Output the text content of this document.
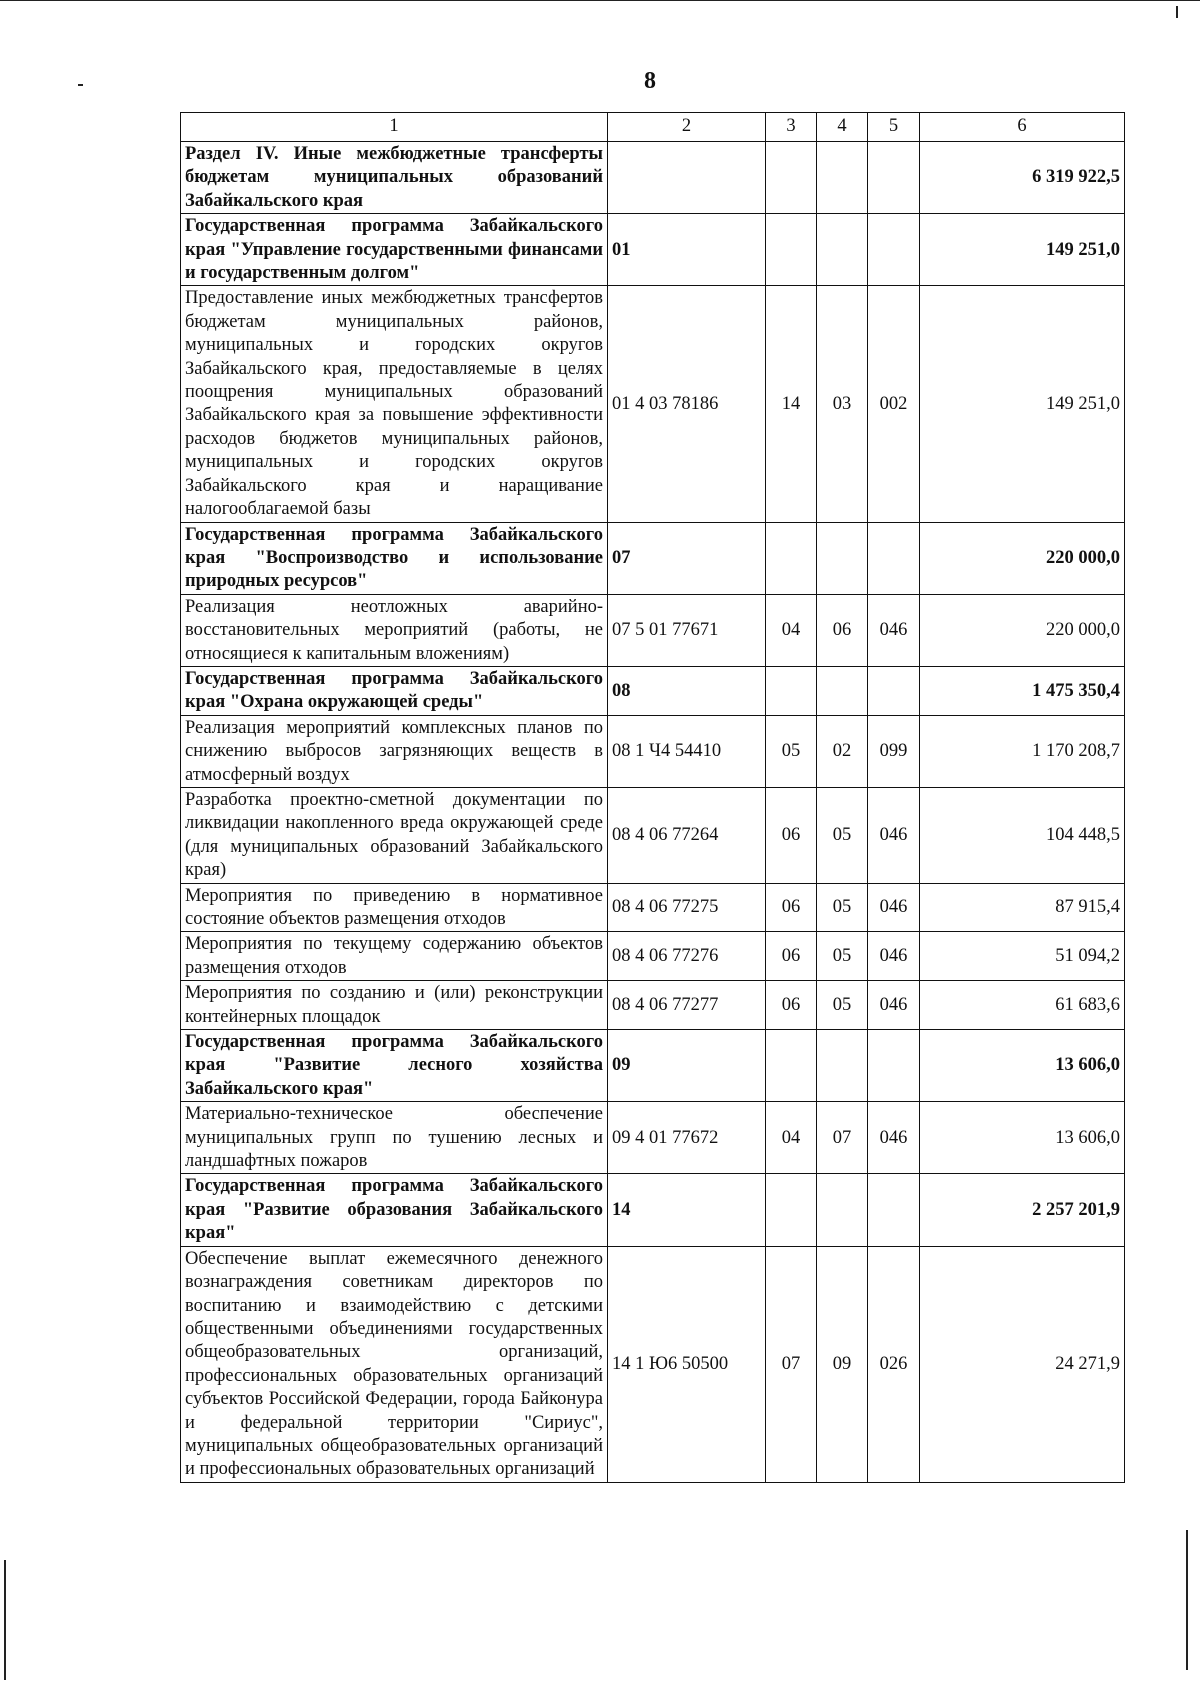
8
1	2	3	4	5	6
Раздел IV. Иные межбюджетные трансферты бюджетам муниципальных образований Забайкальского края					6 319 922,5
Государственная программа Забайкальского края "Управление государственными финансами и государственным долгом"	01				149 251,0
Предоставление иных межбюджетных трансфертов бюджетам муниципальных районов, муниципальных и городских округов Забайкальского края, предоставляемые в целях поощрения муниципальных образований Забайкальского края за повышение эффективности расходов бюджетов муниципальных районов, муниципальных и городских округов Забайкальского края и наращивание налогооблагаемой базы	01 4 03 78186	14	03	002	149 251,0
Государственная программа Забайкальского края "Воспроизводство и использование природных ресурсов"	07				220 000,0
Реализация неотложных аварийно-восстановительных мероприятий (работы, не относящиеся к капитальным вложениям)	07 5 01 77671	04	06	046	220 000,0
Государственная программа Забайкальского края "Охрана окружающей среды"	08				1 475 350,4
Реализация мероприятий комплексных планов по снижению выбросов загрязняющих веществ в атмосферный воздух	08 1 Ч4 54410	05	02	099	1 170 208,7
Разработка проектно-сметной документации по ликвидации накопленного вреда окружающей среде (для муниципальных образований Забайкальского края)	08 4 06 77264	06	05	046	104 448,5
Мероприятия по приведению в нормативное состояние объектов размещения отходов	08 4 06 77275	06	05	046	87 915,4
Мероприятия по текущему содержанию объектов размещения отходов	08 4 06 77276	06	05	046	51 094,2
Мероприятия по созданию и (или) реконструкции контейнерных площадок	08 4 06 77277	06	05	046	61 683,6
Государственная программа Забайкальского края "Развитие лесного хозяйства Забайкальского края"	09				13 606,0
Материально-техническое обеспечение муниципальных групп по тушению лесных и ландшафтных пожаров	09 4 01 77672	04	07	046	13 606,0
Государственная программа Забайкальского края "Развитие образования Забайкальского края"	14				2 257 201,9
Обеспечение выплат ежемесячного денежного вознаграждения советникам директоров по воспитанию и взаимодействию с детскими общественными объединениями государственных общеобразовательных организаций, профессиональных образовательных организаций субъектов Российской Федерации, города Байконура и федеральной территории "Сириус", муниципальных общеобразовательных организаций и профессиональных образовательных организаций	14 1 Ю6 50500	07	09	026	24 271,9
